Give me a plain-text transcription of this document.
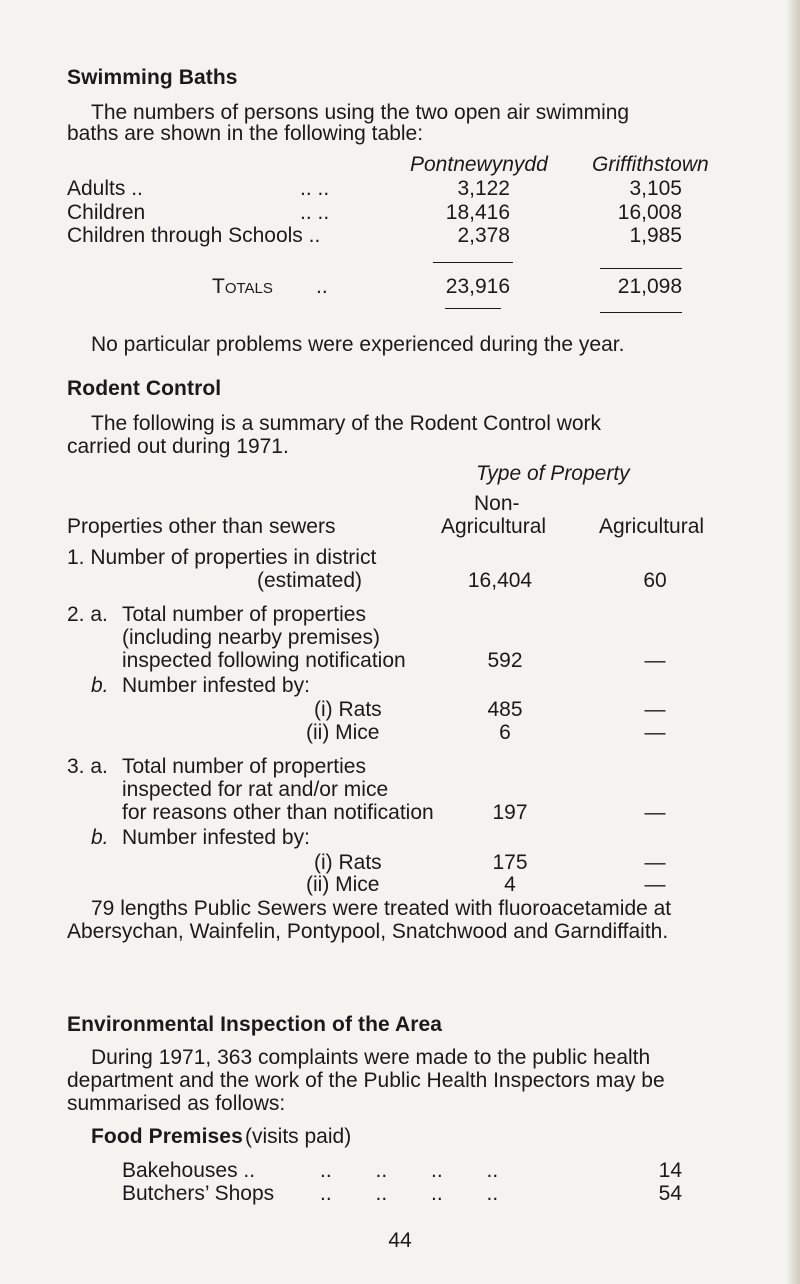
Swimming Baths
The numbers of persons using the two open air swimming
baths are shown in the following table:
Pontnewynydd Griffithstown
Adults ..	.. ..	3,122	3,105
Children	.. ..	18,416	16,008
Children through Schools ..	2,378	1,985
Totals ..	23,916	21,098
No particular problems were experienced during the year.
Rodent Control
The following is a summary of the Rodent Control work
carried out during 1971.
Type of Property
Non-
Properties other than sewers	Agricultural	Agricultural
1. Number of properties in district
(estimated)	16,404	60
2. a. Total number of properties
(including nearby premises)
inspected following notification	592	—
b. Number infested by:
(i) Rats	485	—
(ii) Mice	6	—
3. a. Total number of properties
inspected for rat and/or mice
for reasons other than notification	197	—
b. Number infested by:
(i) Rats	175	—
(ii) Mice	4	—
79 lengths Public Sewers were treated with fluoroacetamide at
Abersychan, Wainfelin, Pontypool, Snatchwood and Garndiffaith.
Environmental Inspection of the Area
During 1971, 363 complaints were made to the public health
department and the work of the Public Health Inspectors may be
summarised as follows:
Food Premises (visits paid)
Bakehouses ..	.. .. .. ..	14
Butchers’ Shops .. .. .. ..	54
44
